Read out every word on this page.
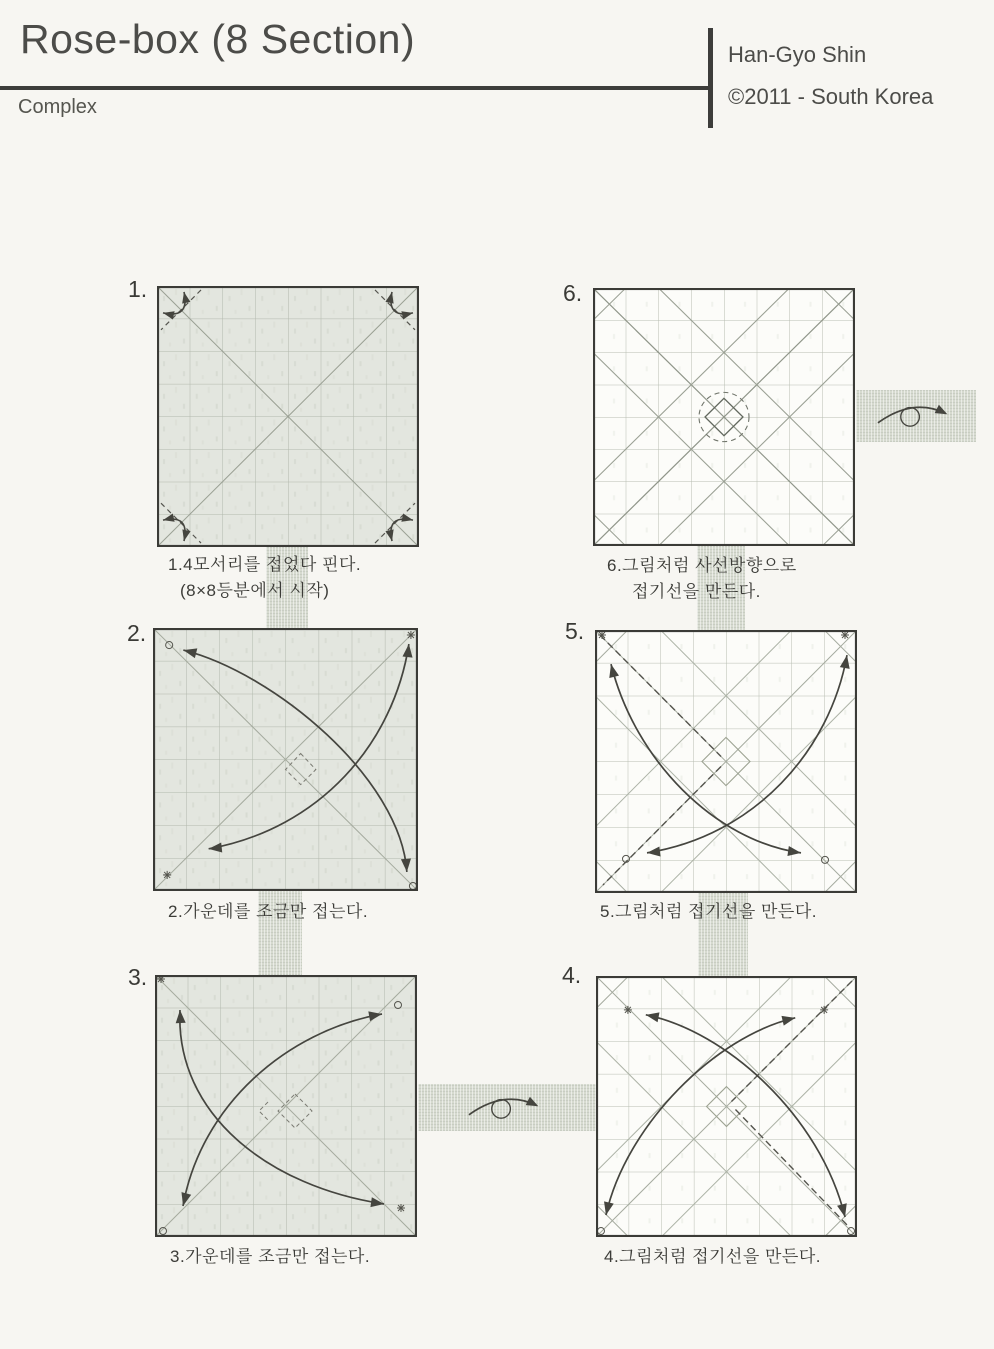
Rose-box (8 Section)
Complex
Han-Gyo Shin
©2011 - South Korea
1.
1.4모서리를 접었다 핀다.
(8×8등분에서 시작)
6.
6.그림처럼 사선방향으로
접기선을 만든다.
2.
2.가운데를 조금만 접는다.
5.
5.그림처럼 접기선을 만든다.
3.
3.가운데를 조금만 접는다.
4.
4.그림처럼 접기선을 만든다.
